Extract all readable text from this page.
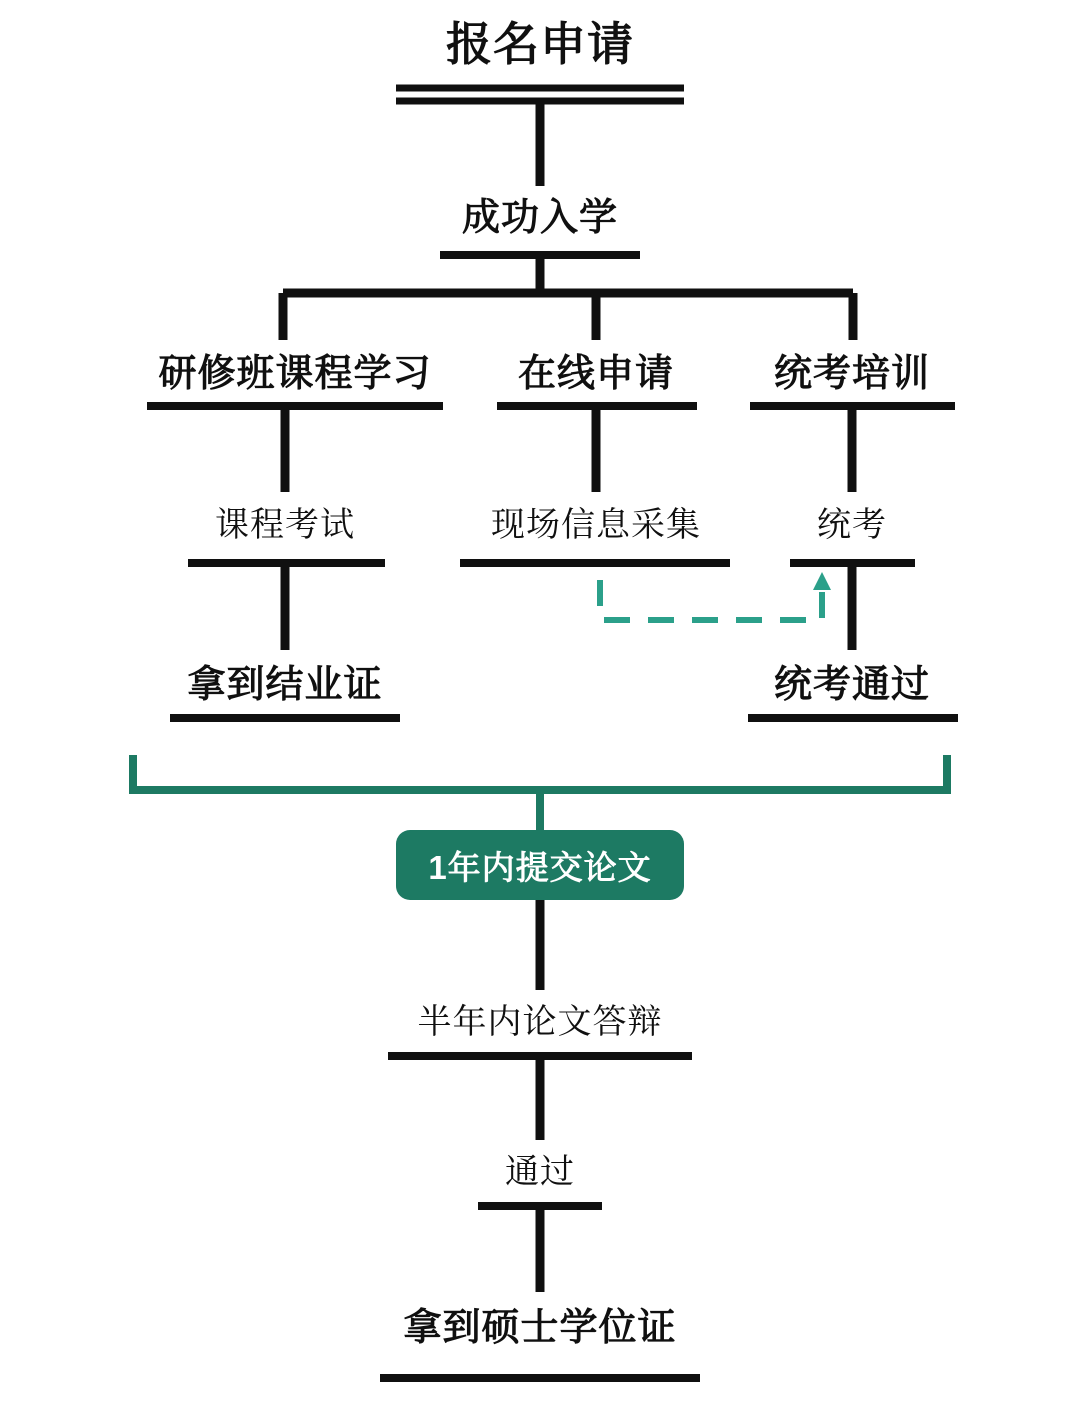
报名申请
成功入学
研修班课程学习	在线申请	统考培训
课程考试	现场信息采集	统考
拿到结业证	统考通过
1年内提交论文
半年内论文答辩
通过
拿到硕士学位证
